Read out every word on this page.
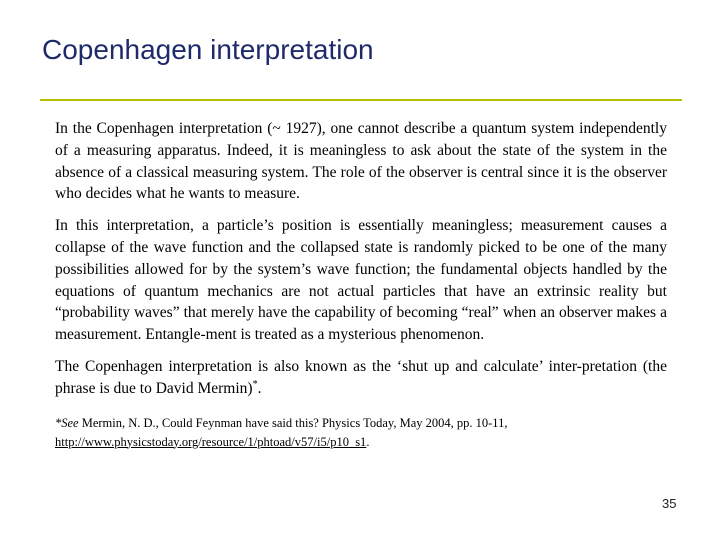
Copenhagen interpretation

In the Copenhagen interpretation (~ 1927), one cannot describe a quantum system independently of a measuring apparatus. Indeed, it is meaningless to ask about the state of the system in the absence of a classical measuring system. The role of the observer is central since it is the observer who decides what he wants to measure.

In this interpretation, a particle’s position is essentially meaningless; measurement causes a collapse of the wave function and the collapsed state is randomly picked to be one of the many possibilities allowed for by the system’s wave function; the fundamental objects handled by the equations of quantum mechanics are not actual particles that have an extrinsic reality but “probability waves” that merely have the capability of becoming “real” when an observer makes a measurement. Entangle-ment is treated as a mysterious phenomenon.

The Copenhagen interpretation is also known as the ‘shut up and calculate’ inter-pretation (the phrase is due to David Mermin)*.

*See Mermin, N. D., Could Feynman have said this? Physics Today, May 2004, pp. 10-11,
http://www.physicstoday.org/resource/1/phtoad/v57/i5/p10_s1.
35
